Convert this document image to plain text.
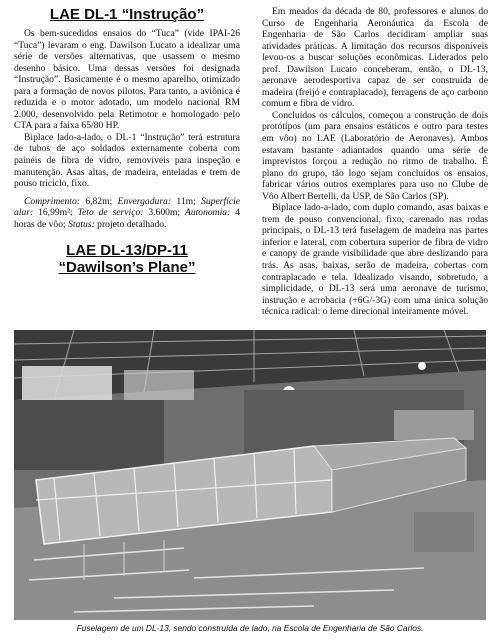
LAE DL-1 “Instrução”

Os bem-sucedidos ensaios do “Tuca” (vide IPAI-26 “Tuca”) levaram o eng. Dawilson Lucato a idealizar uma série de versões alternativas, que usassem o mesmo desenho básico. Uma dessas versões foi designada “Instrução”. Basicamente é o mesmo aparelho, otimizado para a formação de novos pilotos. Para tanto, a aviônica é reduzida e o motor adotado, um modelo nacional RM 2.000, desenvolvido pela Retimotor e homologado pelo CTA para a faixa 65/80 HP.

Biplace lado-a-lado, o DL-1 “Instrução” terá estrutura de tubos de aço soldados externamente coberta com painéis de fibra de vidro, removíveis para inspeção e manutenção. Asas altas, de madeira, enteladas e trem de pouso triciclo, fixo.

Comprimento: 6,82m; Envergadura: 11m; Superfície alar: 16,99m²; Teto de serviço: 3.600m; Autonomia: 4 horas de vôo; Status: projeto detalhado.

LAE DL-13/DP-11
“Dawilson’s Plane”

Em meados da década de 80, professores e alunos do Curso de Engenharia Aeronáutica da Escola de Engenharia de São Carlos decidiram ampliar suas atividades práticas. A limitação dos recursos disponíveis levou-os a buscar soluções econômicas. Liderados pelo prof. Dawilson Lucato conceberam, então, o DL-13, aeronave aerodesportiva capaz de ser construída de madeira (freijó e contraplacado), ferragens de aço carbono comum e fibra de vidro.

Concluídos os cálculos, começou a construção de dois protótipos (um para ensaios estáticos e outro para testes em vôo) no LAE (Laboratório de Aeronaves). Ambos estavam bastante adiantados quando uma série de imprevistos forçou a redução no ritmo de trabalho. É plano do grupo, tão logo sejam concluídos os ensaios, fabricar vários outros exemplares para uso no Clube de Vôo Albert Bertelli, da USP, de São Carlos (SP).

Biplace lado-a-lado, com duplo comando, asas baixas e trem de pouso convencional, fixo, carenado nas rodas principais, o DL-13 terá fuselagem de madeira nas partes inferior e lateral, com cobertura superior de fibra de vidro e canopy de grande visibilidade que abre deslizando para trás. As asas, baixas, serão de madeira, cobertas com contraplacado e tela. Idealizado visando, sobretudo, a simplicidade, o DL-13 será uma aeronave de turismo, instrução e acrobacia (+6G/-3G) com uma única solução técnica radical: o leme direcional inteiramente móvel.

Fuselagem de um DL-13, sendo construída de lado, na Escola de Engenharia de São Carlos.
